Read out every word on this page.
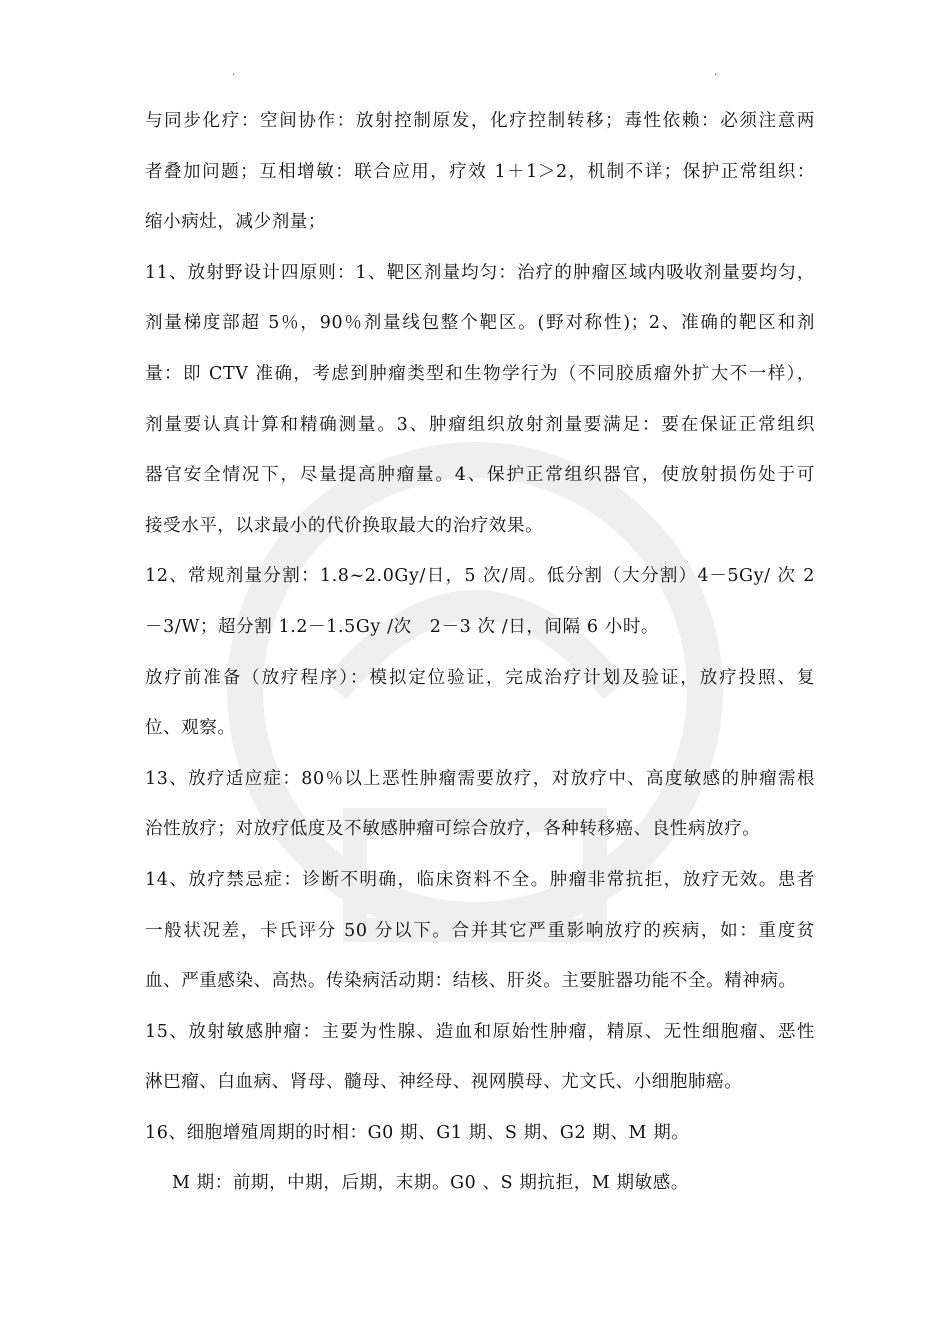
.	.
与同步化疗：空间协作：放射控制原发，化疗控制转移；毒性依赖：必须注意两
者叠加问题；互相增敏：联合应用，疗效 1＋1＞2，机制不详；保护正常组织：
缩小病灶，减少剂量；
11、放射野设计四原则：1、靶区剂量均匀：治疗的肿瘤区域内吸收剂量要均匀，
剂量梯度部超 5％，90％剂量线包整个靶区。(野对称性)；2、准确的靶区和剂
量：即 CTV 准确，考虑到肿瘤类型和生物学行为（不同胶质瘤外扩大不一样），
剂量要认真计算和精确测量。3、肿瘤组织放射剂量要满足：要在保证正常组织
器官安全情况下，尽量提高肿瘤量。4、保护正常组织器官，使放射损伤处于可
接受水平，以求最小的代价换取最大的治疗效果。
12、常规剂量分割：1.8~2.0Gy/日，5 次/周。低分割（大分割）4－5Gy/ 次 2
－3/W；超分割 1.2－1.5Gy /次　2－3 次 /日，间隔 6 小时。
放疗前准备（放疗程序）：模拟定位验证，完成治疗计划及验证，放疗投照、复
位、观察。
13、放疗适应症：80％以上恶性肿瘤需要放疗，对放疗中、高度敏感的肿瘤需根
治性放疗；对放疗低度及不敏感肿瘤可综合放疗，各种转移癌、良性病放疗。
14、放疗禁忌症：诊断不明确，临床资料不全。肿瘤非常抗拒，放疗无效。患者
一般状况差，卡氏评分 50 分以下。合并其它严重影响放疗的疾病，如：重度贫
血、严重感染、高热。传染病活动期：结核、肝炎。主要脏器功能不全。精神病。
15、放射敏感肿瘤：主要为性腺、造血和原始性肿瘤，精原、无性细胞瘤、恶性
淋巴瘤、白血病、肾母、髓母、神经母、视网膜母、尤文氏、小细胞肺癌。
16、细胞增殖周期的时相：G0 期、G1 期、S 期、G2 期、M 期。
M 期：前期，中期，后期，末期。G0 、S 期抗拒，M 期敏感。
